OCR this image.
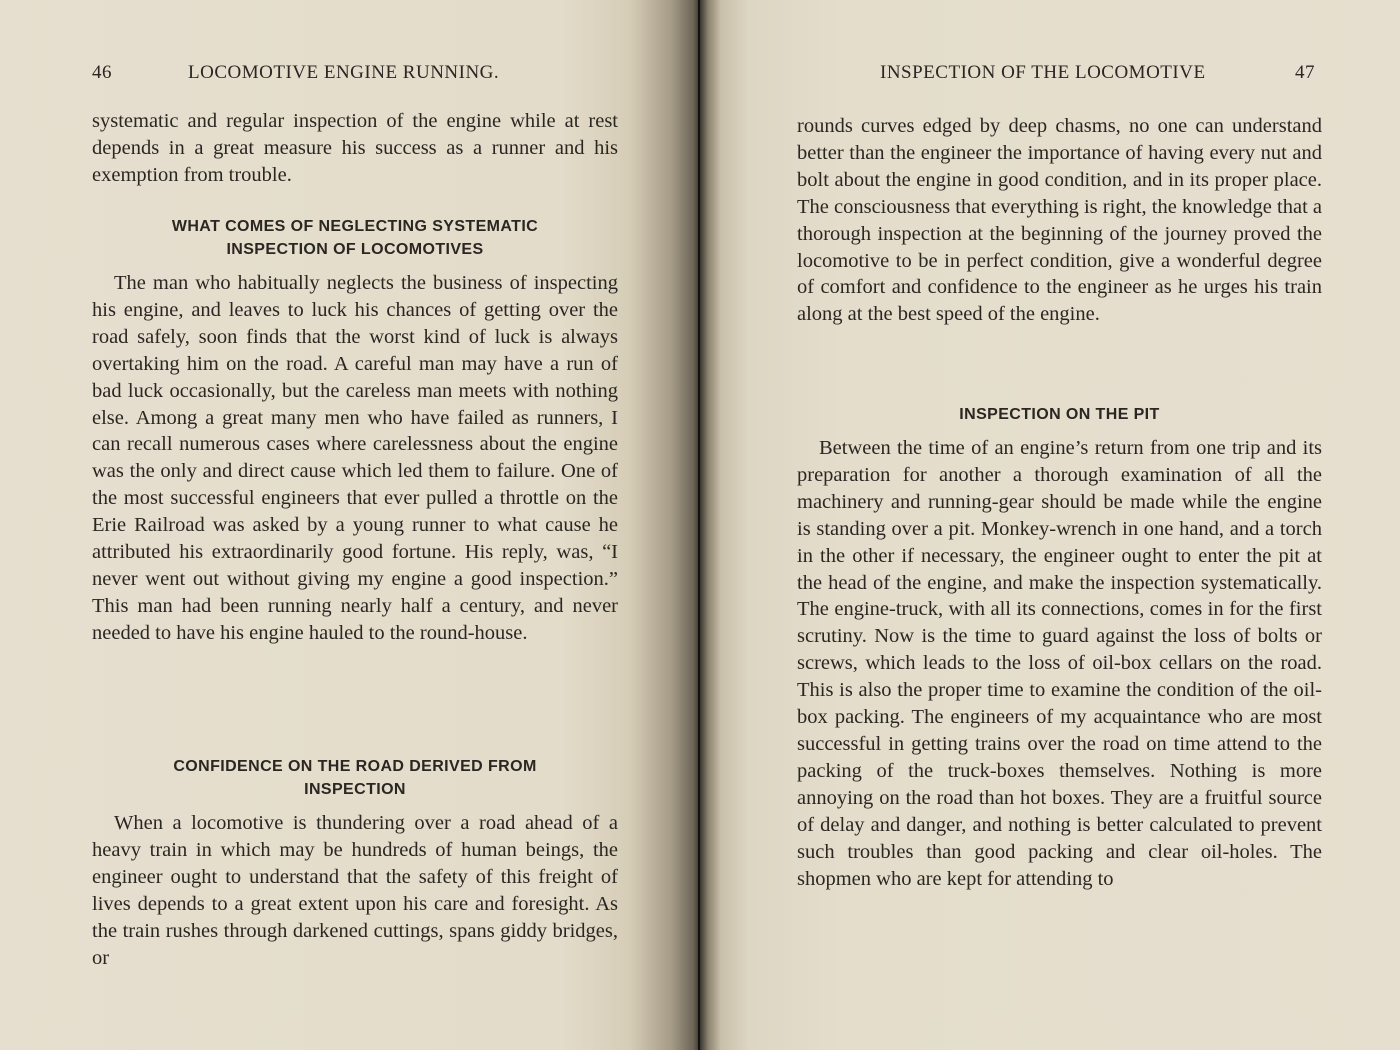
46	LOCOMOTIVE ENGINE RUNNING.

systematic and regular inspection of the engine while at rest depends in a great measure his success as a runner and his exemption from trouble.

WHAT COMES OF NEGLECTING SYSTEMATIC
INSPECTION OF LOCOMOTIVES

The man who habitually neglects the business of inspecting his engine, and leaves to luck his chances of getting over the road safely, soon finds that the worst kind of luck is always overtaking him on the road. A careful man may have a run of bad luck occasionally, but the careless man meets with nothing else. Among a great many men who have failed as runners, I can recall numerous cases where carelessness about the engine was the only and direct cause which led them to failure. One of the most successful engineers that ever pulled a throttle on the Erie Railroad was asked by a young runner to what cause he attributed his extraordinarily good fortune. His reply, was, “I never went out without giving my engine a good inspection.” This man had been running nearly half a century, and never needed to have his engine hauled to the round-house.

CONFIDENCE ON THE ROAD DERIVED FROM
INSPECTION

When a locomotive is thundering over a road ahead of a heavy train in which may be hundreds of human beings, the engineer ought to understand that the safety of this freight of lives depends to a great extent upon his care and foresight. As the train rushes through darkened cuttings, spans giddy bridges, or

INSPECTION OF THE LOCOMOTIVE	47

rounds curves edged by deep chasms, no one can understand better than the engineer the importance of having every nut and bolt about the engine in good condition, and in its proper place. The consciousness that everything is right, the knowledge that a thorough inspection at the beginning of the journey proved the locomotive to be in perfect condition, give a wonderful degree of comfort and confidence to the engineer as he urges his train along at the best speed of the engine.

INSPECTION ON THE PIT

Between the time of an engine’s return from one trip and its preparation for another a thorough examination of all the machinery and running-gear should be made while the engine is standing over a pit. Monkey-wrench in one hand, and a torch in the other if necessary, the engineer ought to enter the pit at the head of the engine, and make the inspection systematically. The engine-truck, with all its connections, comes in for the first scrutiny. Now is the time to guard against the loss of bolts or screws, which leads to the loss of oil-box cellars on the road. This is also the proper time to examine the condition of the oil-box packing. The engineers of my acquaintance who are most successful in getting trains over the road on time attend to the packing of the truck-boxes themselves. Nothing is more annoying on the road than hot boxes. They are a fruitful source of delay and danger, and nothing is better calculated to prevent such troubles than good packing and clear oil-holes. The shopmen who are kept for attending to
